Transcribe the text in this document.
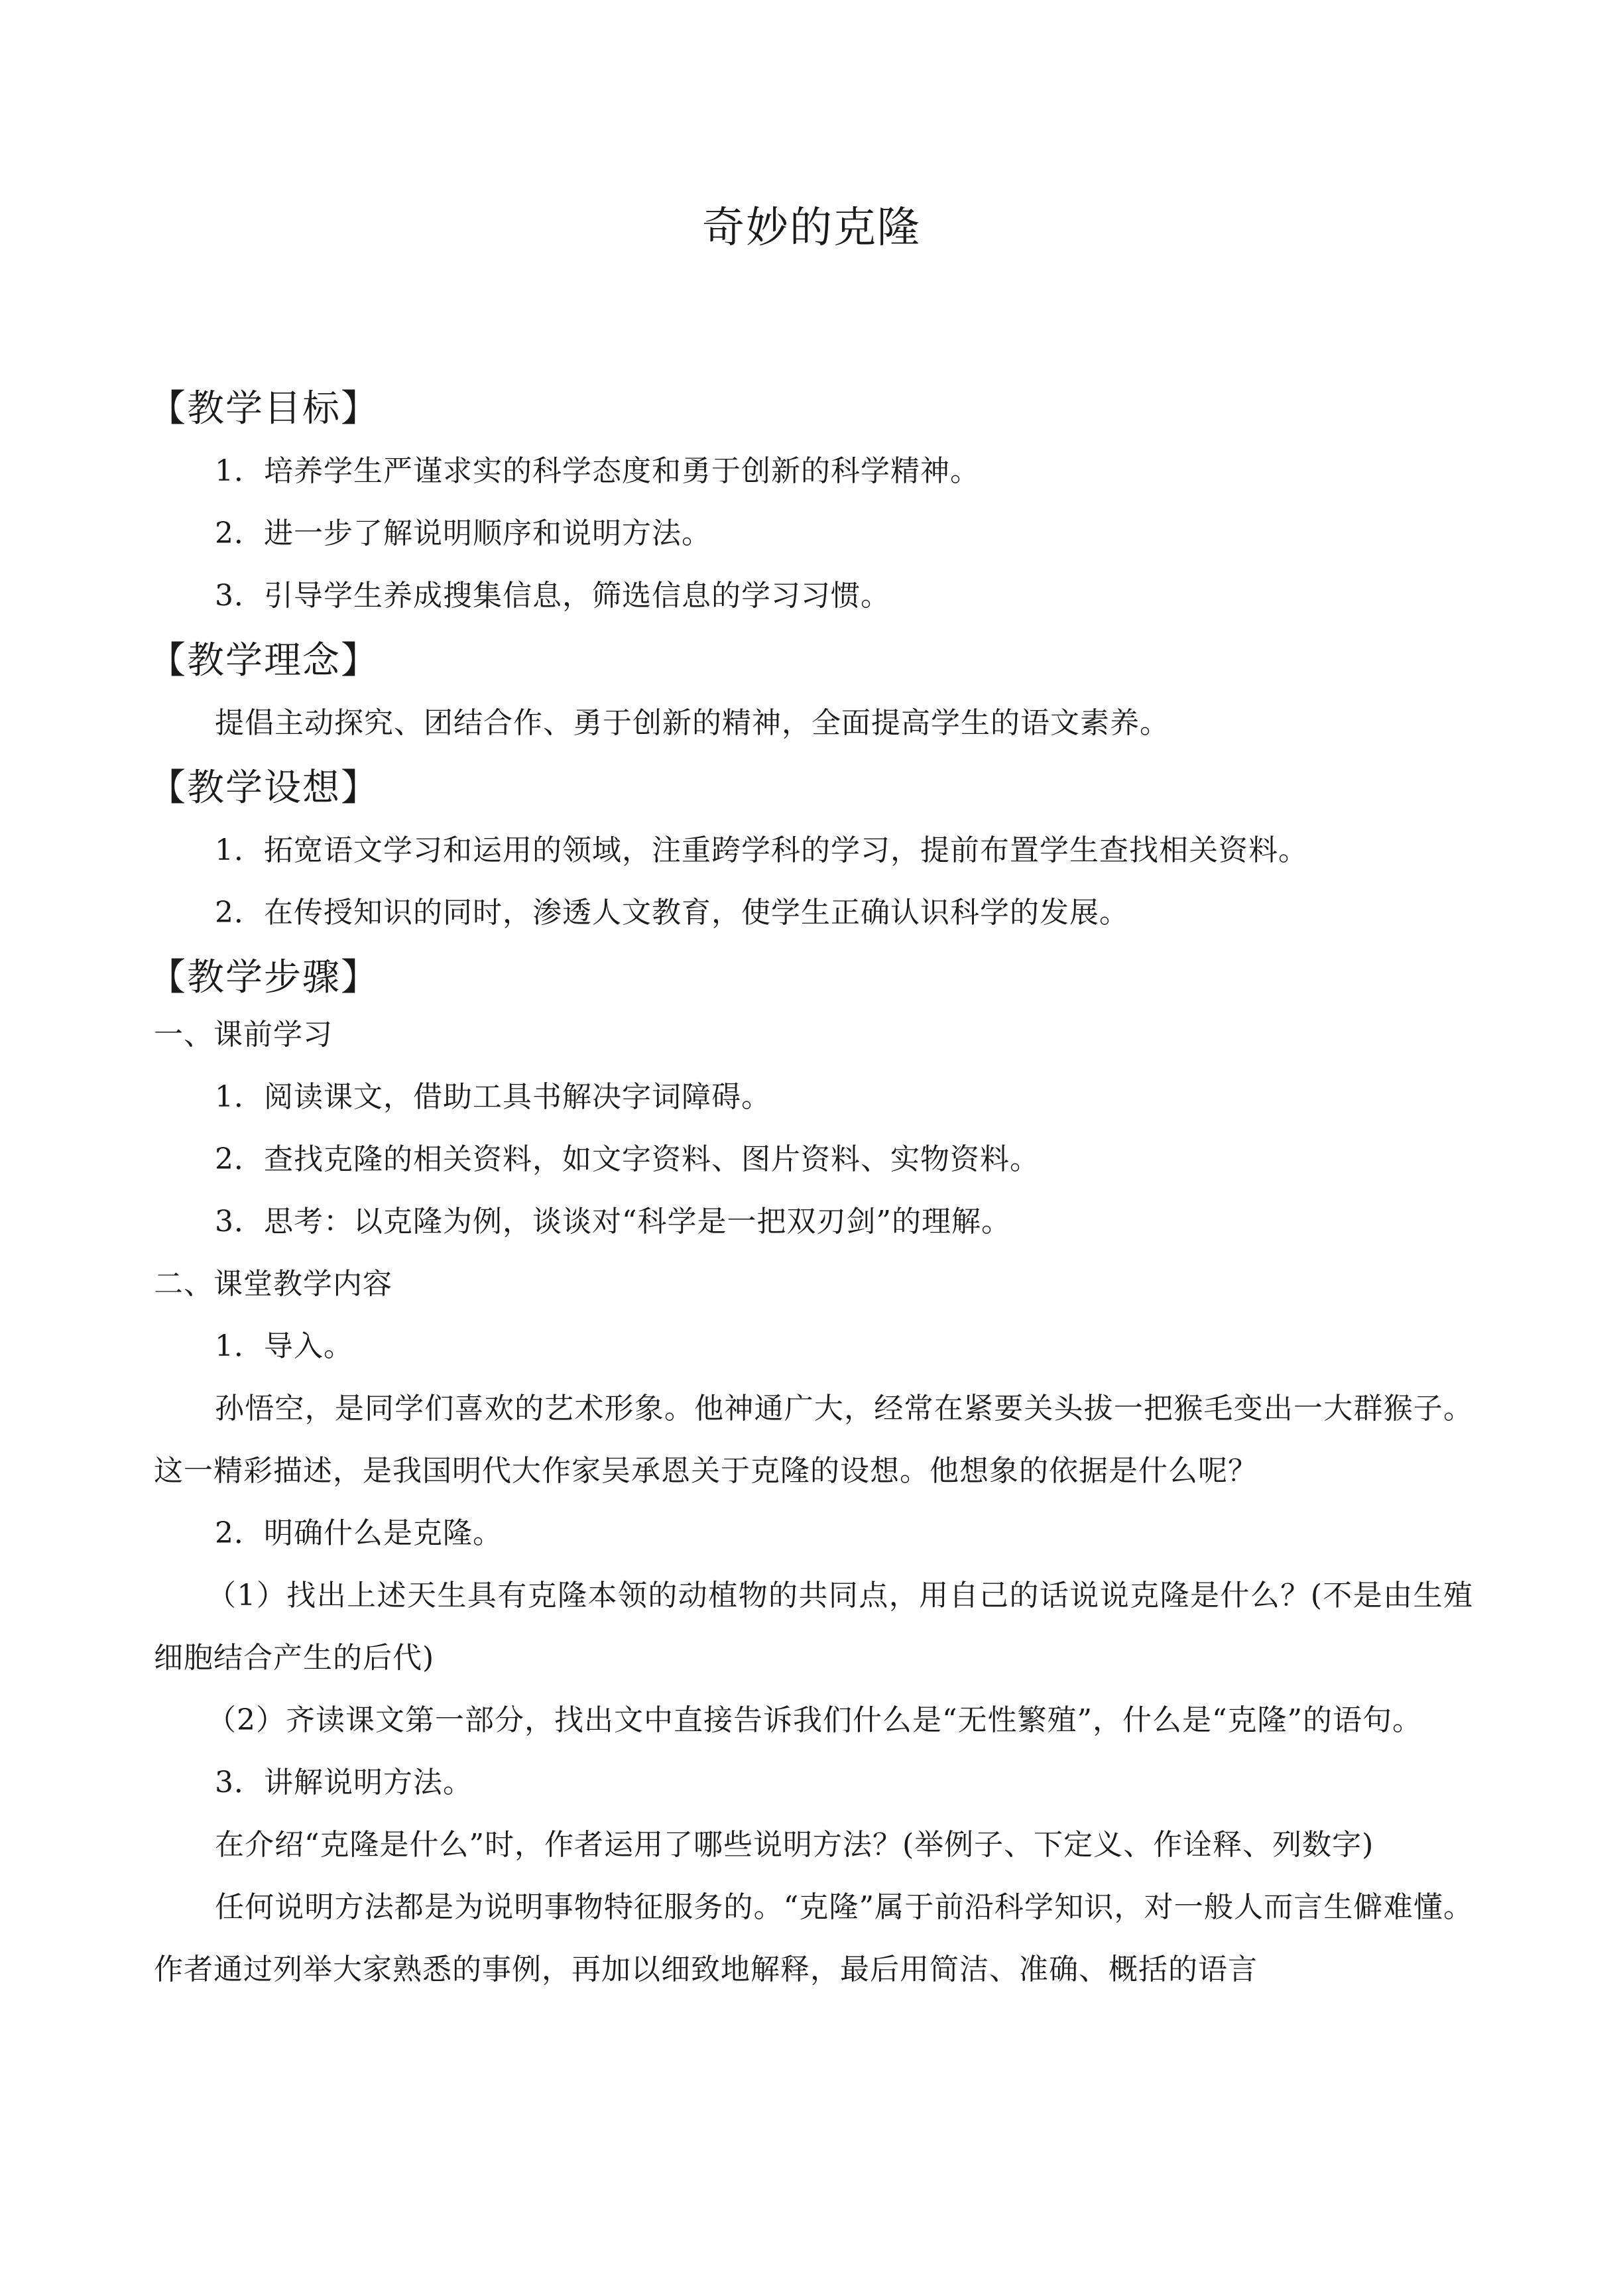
奇妙的克隆
【教学目标】
1．培养学生严谨求实的科学态度和勇于创新的科学精神。
2．进一步了解说明顺序和说明方法。
3．引导学生养成搜集信息，筛选信息的学习习惯。
【教学理念】
提倡主动探究、团结合作、勇于创新的精神，全面提高学生的语文素养。
【教学设想】
1．拓宽语文学习和运用的领域，注重跨学科的学习，提前布置学生查找相关资料。
2．在传授知识的同时，渗透人文教育，使学生正确认识科学的发展。
【教学步骤】
一、课前学习
1．阅读课文，借助工具书解决字词障碍。
2．查找克隆的相关资料，如文字资料、图片资料、实物资料。
3．思考：以克隆为例，谈谈对“科学是一把双刃剑”的理解。
二、课堂教学内容
1．导入。
孙悟空，是同学们喜欢的艺术形象。他神通广大，经常在紧要关头拔一把猴毛变出一大群猴子。这一精彩描述，是我国明代大作家吴承恩关于克隆的设想。他想象的依据是什么呢？
2．明确什么是克隆。
（1）找出上述天生具有克隆本领的动植物的共同点，用自己的话说说克隆是什么？(不是由生殖细胞结合产生的后代)
（2）齐读课文第一部分，找出文中直接告诉我们什么是“无性繁殖”，什么是“克隆”的语句。
3．讲解说明方法。
在介绍“克隆是什么”时，作者运用了哪些说明方法？(举例子、下定义、作诠释、列数字)
任何说明方法都是为说明事物特征服务的。“克隆”属于前沿科学知识，对一般人而言生僻难懂。作者通过列举大家熟悉的事例，再加以细致地解释，最后用简洁、准确、概括的语言
